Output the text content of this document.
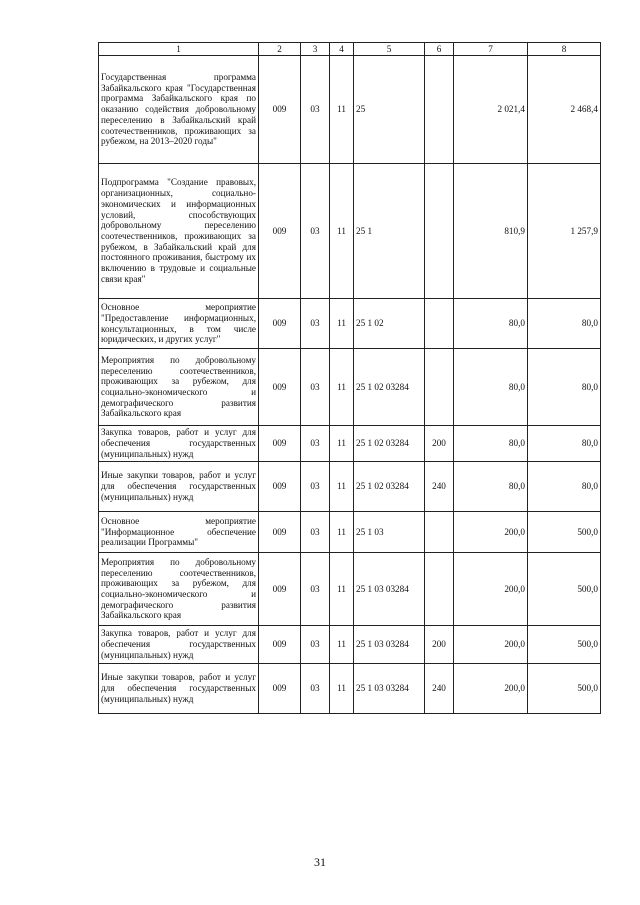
1	2	3	4	5	6	7	8
Государственная программа Забайкальского края "Государственная программа Забайкальского края по оказанию содействия добровольному переселению в Забайкальский край соотечественников, проживающих за рубежом, на 2013–2020 годы"	009	03	11	25		2 021,4	2 468,4
Подпрограмма "Создание правовых, организационных, социально-экономических и информационных условий, способствующих добровольному переселению соотечественников, проживающих за рубежом, в Забайкальский край для постоянного проживания, быстрому их включению в трудовые и социальные связи края"	009	03	11	25 1		810,9	1 257,9
Основное мероприятие "Предоставление информационных, консультационных, в том числе юридических, и других услуг"	009	03	11	25 1 02		80,0	80,0
Мероприятия по добровольному переселению соотечественников, проживающих за рубежом, для социально-экономического и демографического развития Забайкальского края	009	03	11	25 1 02 03284		80,0	80,0
Закупка товаров, работ и услуг для обеспечения государственных (муниципальных) нужд	009	03	11	25 1 02 03284	200	80,0	80,0
Иные закупки товаров, работ и услуг для обеспечения государственных (муниципальных) нужд	009	03	11	25 1 02 03284	240	80,0	80,0
Основное мероприятие "Информационное обеспечение реализации Программы"	009	03	11	25 1 03		200,0	500,0
Мероприятия по добровольному переселению соотечественников, проживающих за рубежом, для социально-экономического и демографического развития Забайкальского края	009	03	11	25 1 03 03284		200,0	500,0
Закупка товаров, работ и услуг для обеспечения государственных (муниципальных) нужд	009	03	11	25 1 03 03284	200	200,0	500,0
Иные закупки товаров, работ и услуг для обеспечения государственных (муниципальных) нужд	009	03	11	25 1 03 03284	240	200,0	500,0
31
